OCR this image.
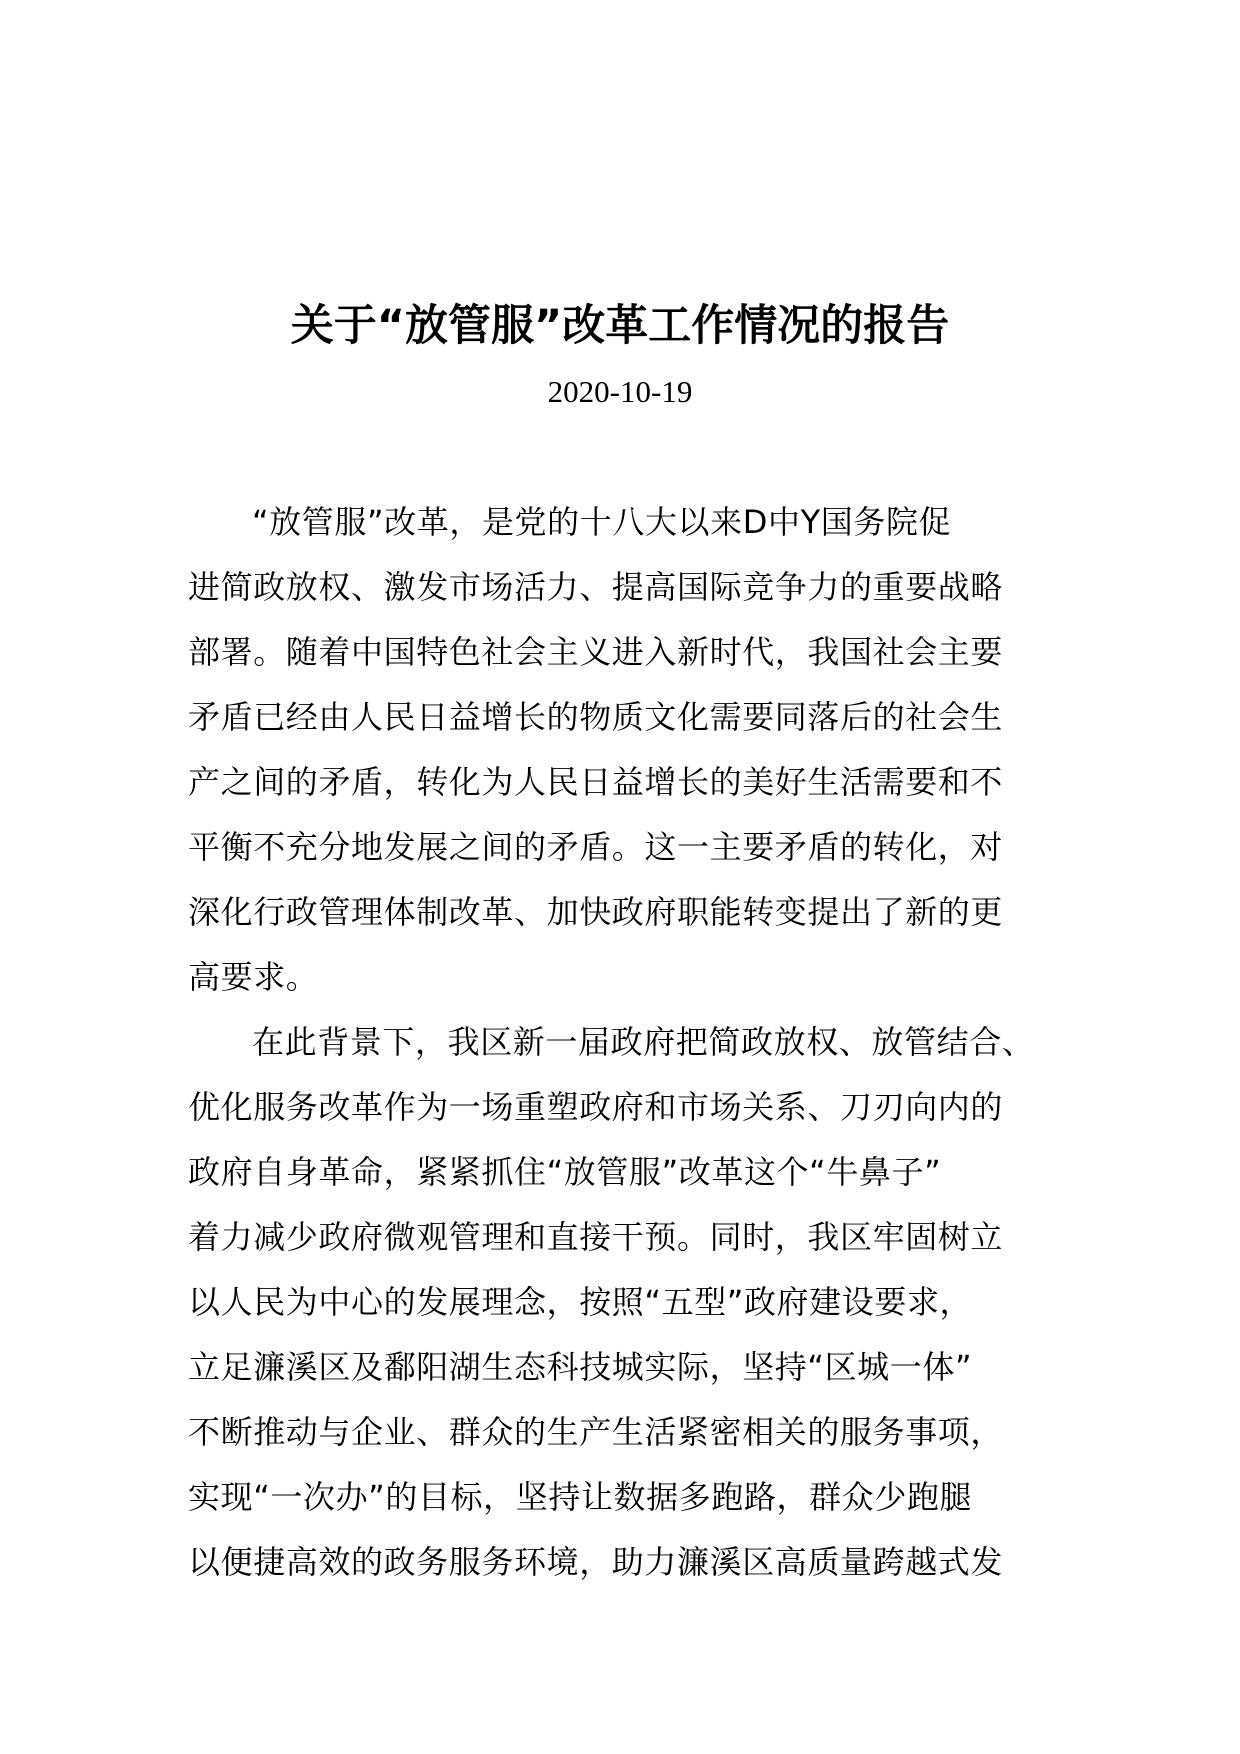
关于“放管服”改革工作情况的报告
2020-10-19
“放管服”改革，是党的十八大以来D中Y国务院促
进简政放权、激发市场活力、提高国际竞争力的重要战略
部署。随着中国特色社会主义进入新时代，我国社会主要
矛盾已经由人民日益增长的物质文化需要同落后的社会生
产之间的矛盾，转化为人民日益增长的美好生活需要和不
平衡不充分地发展之间的矛盾。这一主要矛盾的转化，对
深化行政管理体制改革、加快政府职能转变提出了新的更
高要求。
在此背景下，我区新一届政府把简政放权、放管结合、
优化服务改革作为一场重塑政府和市场关系、刀刃向内的
政府自身革命，紧紧抓住“放管服”改革这个“牛鼻子”
着力减少政府微观管理和直接干预。同时，我区牢固树立
以人民为中心的发展理念，按照“五型”政府建设要求，
立足濂溪区及鄱阳湖生态科技城实际，坚持“区城一体”
不断推动与企业、群众的生产生活紧密相关的服务事项，
实现“一次办”的目标，坚持让数据多跑路，群众少跑腿
以便捷高效的政务服务环境，助力濂溪区高质量跨越式发
